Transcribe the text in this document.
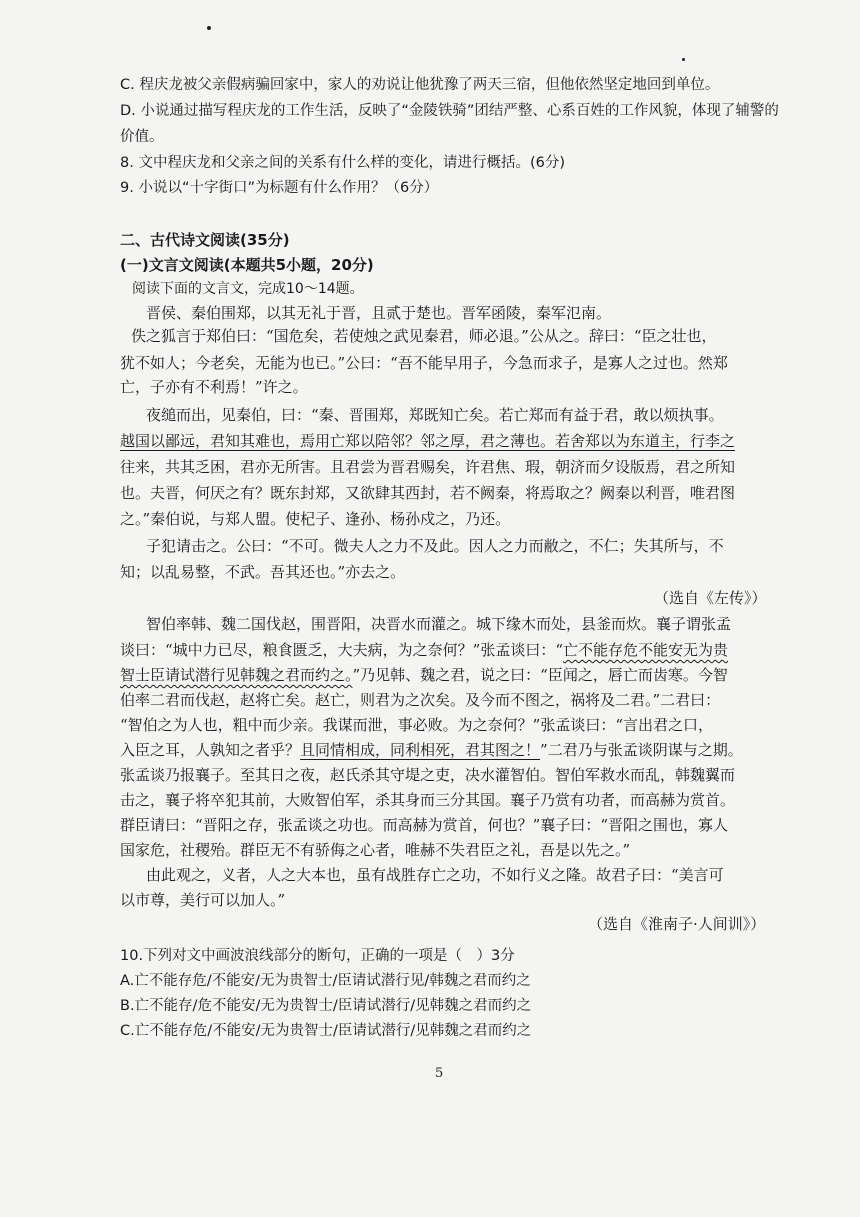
C. 程庆龙被父亲假病骗回家中，家人的劝说让他犹豫了两天三宿，但他依然坚定地回到单位。
D. 小说通过描写程庆龙的工作生活，反映了“金陵铁骑”团结严整、心系百姓的工作风貌，体现了辅警的
价值。
8. 文中程庆龙和父亲之间的关系有什么样的变化，请进行概括。(6分)
9. 小说以“十字街口”为标题有什么作用？（6分）
二、古代诗文阅读(35分)
(一)文言文阅读(本题共5小题，20分)
阅读下面的文言文，完成10～14题。
晋侯、秦伯围郑，以其无礼于晋，且贰于楚也。晋军函陵，秦军氾南。
佚之狐言于郑伯曰：“国危矣，若使烛之武见秦君，师必退。”公从之。辞曰：“臣之壮也，
犹不如人；今老矣，无能为也已。”公曰：“吾不能早用子，今急而求子，是寡人之过也。然郑
亡，子亦有不利焉！”许之。
夜缒而出，见秦伯，曰：“秦、晋围郑，郑既知亡矣。若亡郑而有益于君，敢以烦执事。
越国以鄙远，君知其难也，焉用亡郑以陪邻？邻之厚，君之薄也。若舍郑以为东道主，行李之
往来，共其乏困，君亦无所害。且君尝为晋君赐矣，许君焦、瑕，朝济而夕设版焉，君之所知
也。夫晋，何厌之有？既东封郑，又欲肆其西封，若不阙秦，将焉取之？阙秦以利晋，唯君图
之。”秦伯说，与郑人盟。使杞子、逢孙、杨孙戍之，乃还。
子犯请击之。公曰：“不可。微夫人之力不及此。因人之力而敝之，不仁；失其所与，不
知；以乱易整，不武。吾其还也。”亦去之。
（选自《左传》）
智伯率韩、魏二国伐赵，围晋阳，决晋水而灌之。城下缘木而处，县釜而炊。襄子谓张孟
谈曰：“城中力已尽，粮食匮乏，大夫病，为之奈何？”张孟谈曰：“亡不能存危不能安无为贵
智士臣请试潜行见韩魏之君而约之。”乃见韩、魏之君，说之曰：“臣闻之，唇亡而齿寒。今智
伯率二君而伐赵，赵将亡矣。赵亡，则君为之次矣。及今而不图之，祸将及二君。”二君曰：
“智伯之为人也，粗中而少亲。我谋而泄，事必败。为之奈何？”张孟谈曰：“言出君之口，
入臣之耳，人孰知之者乎？且同情相成，同利相死，君其图之！”二君乃与张孟谈阴谋与之期。
张孟谈乃报襄子。至其日之夜，赵氏杀其守堤之吏，决水灌智伯。智伯军救水而乱，韩魏翼而
击之，襄子将卒犯其前，大败智伯军，杀其身而三分其国。襄子乃赏有功者，而高赫为赏首。
群臣请曰：“晋阳之存，张孟谈之功也。而高赫为赏首，何也？”襄子曰：“晋阳之围也，寡人
国家危，社稷殆。群臣无不有骄侮之心者，唯赫不失君臣之礼，吾是以先之。”
由此观之，义者，人之大本也，虽有战胜存亡之功，不如行义之隆。故君子曰：“美言可
以市尊，美行可以加人。”
（选自《淮南子·人间训》）
10.下列对文中画波浪线部分的断句，正确的一项是（　）3分
A.亡不能存危/不能安/无为贵智士/臣请试潜行见/韩魏之君而约之
B.亡不能存/危不能安/无为贵智士/臣请试潜行/见韩魏之君而约之
C.亡不能存危/不能安/无为贵智士/臣请试潜行/见韩魏之君而约之
5
